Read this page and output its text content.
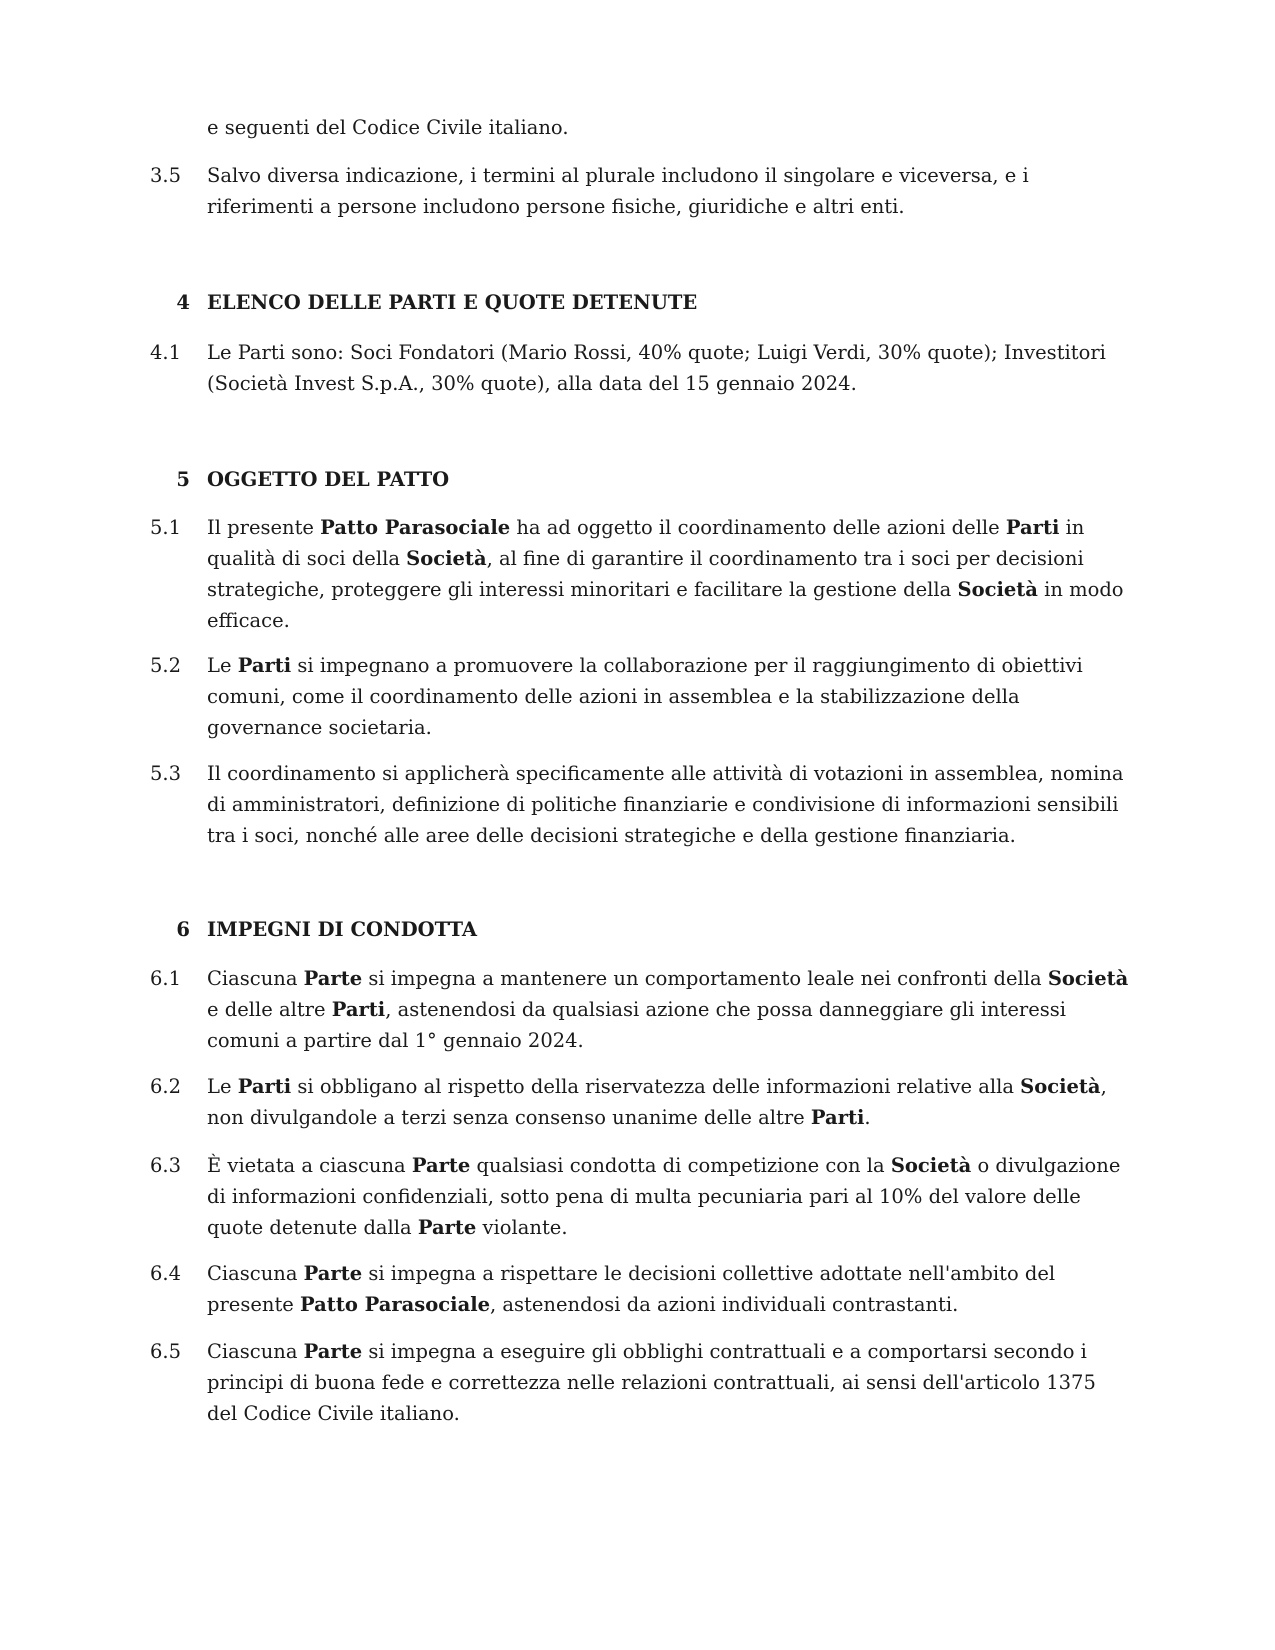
e seguenti del Codice Civile italiano.
3.5	Salvo diversa indicazione, i termini al plurale includono il singolare e viceversa, e i riferimenti a persone includono persone fisiche, giuridiche e altri enti.
4 ELENCO DELLE PARTI E QUOTE DETENUTE
4.1	Le Parti sono: Soci Fondatori (Mario Rossi, 40% quote; Luigi Verdi, 30% quote); Investitori (Società Invest S.p.A., 30% quote), alla data del 15 gennaio 2024.
5 OGGETTO DEL PATTO
5.1	Il presente Patto Parasociale ha ad oggetto il coordinamento delle azioni delle Parti in qualità di soci della Società, al fine di garantire il coordinamento tra i soci per decisioni strategiche, proteggere gli interessi minoritari e facilitare la gestione della Società in modo efficace.
5.2	Le Parti si impegnano a promuovere la collaborazione per il raggiungimento di obiettivi comuni, come il coordinamento delle azioni in assemblea e la stabilizzazione della governance societaria.
5.3	Il coordinamento si applicherà specificamente alle attività di votazioni in assemblea, nomina di amministratori, definizione di politiche finanziarie e condivisione di informazioni sensibili tra i soci, nonché alle aree delle decisioni strategiche e della gestione finanziaria.
6 IMPEGNI DI CONDOTTA
6.1	Ciascuna Parte si impegna a mantenere un comportamento leale nei confronti della Società e delle altre Parti, astenendosi da qualsiasi azione che possa danneggiare gli interessi comuni a partire dal 1° gennaio 2024.
6.2	Le Parti si obbligano al rispetto della riservatezza delle informazioni relative alla Società, non divulgandole a terzi senza consenso unanime delle altre Parti.
6.3	È vietata a ciascuna Parte qualsiasi condotta di competizione con la Società o divulgazione di informazioni confidenziali, sotto pena di multa pecuniaria pari al 10% del valore delle quote detenute dalla Parte violante.
6.4	Ciascuna Parte si impegna a rispettare le decisioni collettive adottate nell'ambito del presente Patto Parasociale, astenendosi da azioni individuali contrastanti.
6.5	Ciascuna Parte si impegna a eseguire gli obblighi contrattuali e a comportarsi secondo i principi di buona fede e correttezza nelle relazioni contrattuali, ai sensi dell'articolo 1375 del Codice Civile italiano.
